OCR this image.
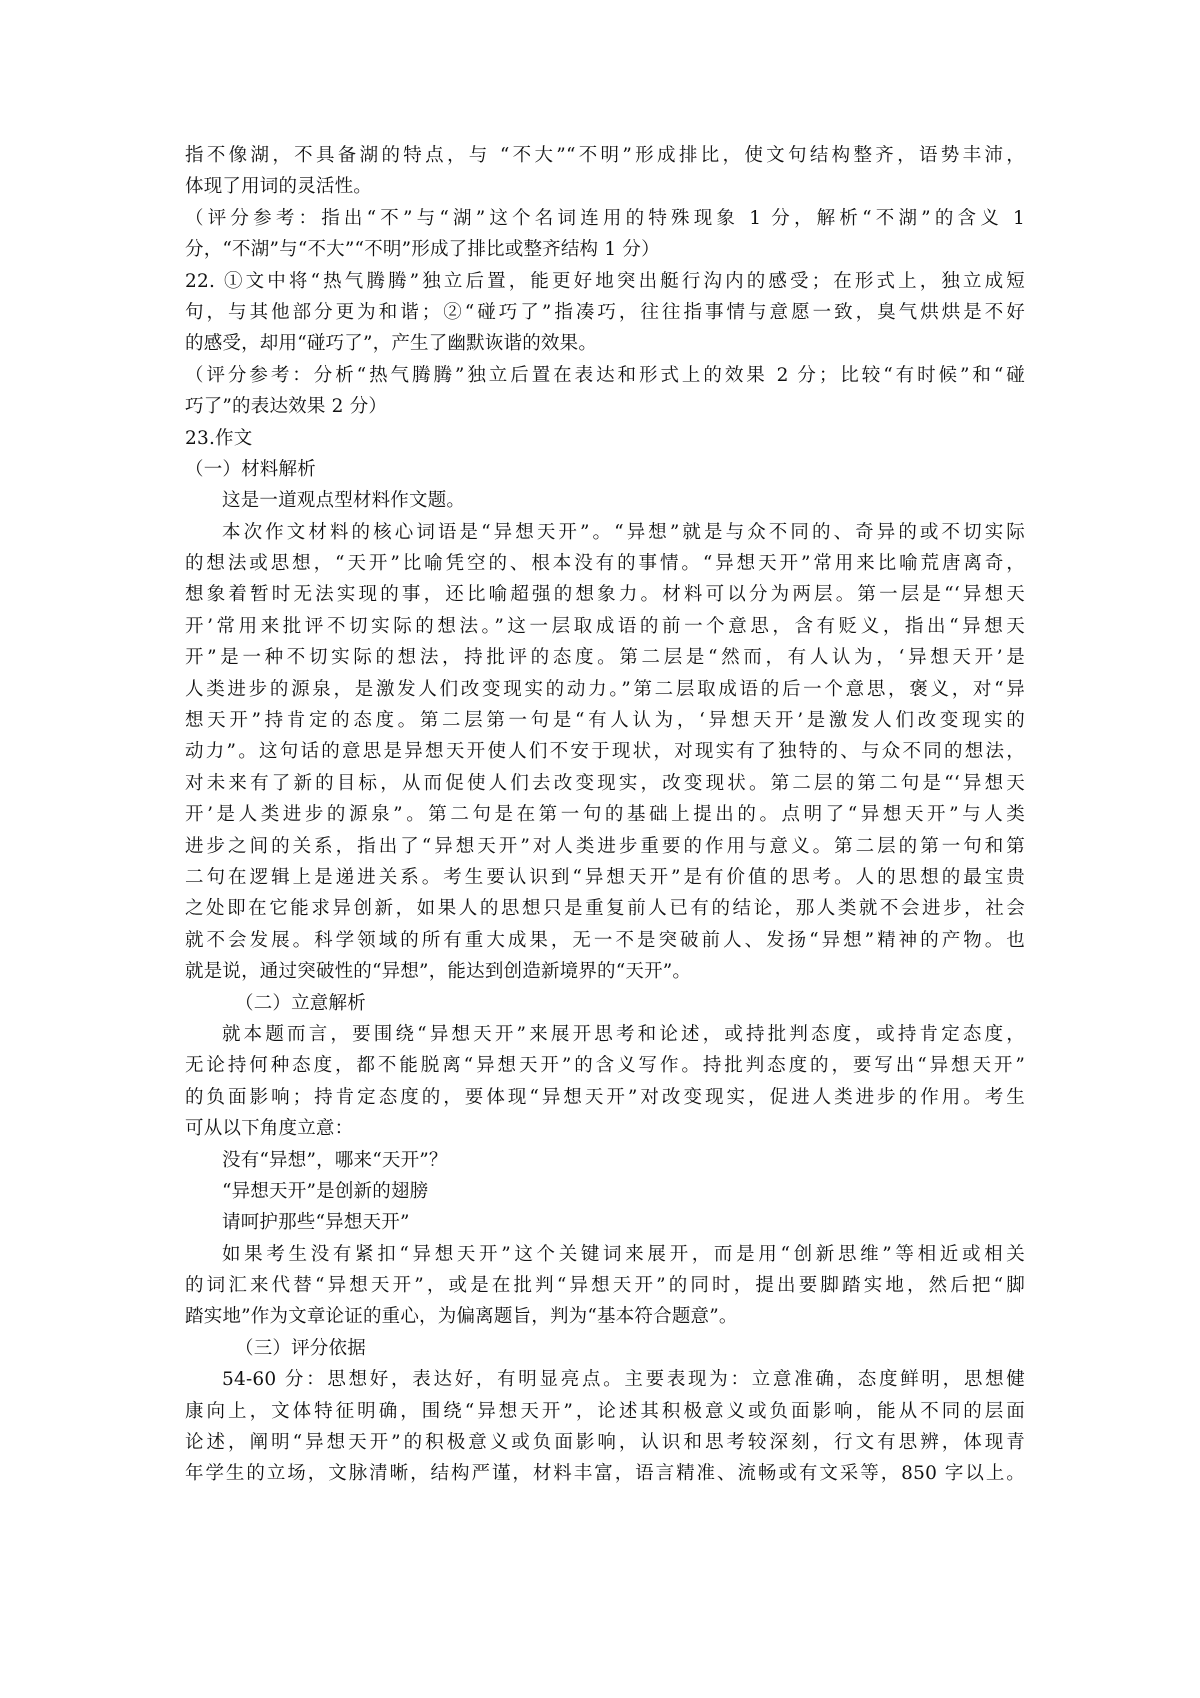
指不像湖，不具备湖的特点，与 “不大”“不明”形成排比，使文句结构整齐，语势丰沛，
体现了用词的灵活性。
（评分参考：指出“不”与“湖”这个名词连用的特殊现象 1 分，解析“不湖”的含义 1
分，“不湖”与“不大”“不明”形成了排比或整齐结构 1 分）
22. ①文中将“热气腾腾”独立后置，能更好地突出艇行沟内的感受；在形式上，独立成短
句，与其他部分更为和谐；②“碰巧了”指凑巧，往往指事情与意愿一致，臭气烘烘是不好
的感受，却用“碰巧了”，产生了幽默诙谐的效果。
（评分参考：分析“热气腾腾”独立后置在表达和形式上的效果 2 分；比较“有时候”和“碰
巧了”的表达效果 2 分）
23.作文
（一）材料解析
这是一道观点型材料作文题。
本次作文材料的核心词语是“异想天开”。“异想”就是与众不同的、奇异的或不切实际
的想法或思想，“天开”比喻凭空的、根本没有的事情。“异想天开”常用来比喻荒唐离奇，
想象着暂时无法实现的事，还比喻超强的想象力。材料可以分为两层。第一层是“‘异想天
开’常用来批评不切实际的想法。”这一层取成语的前一个意思，含有贬义，指出“异想天
开”是一种不切实际的想法，持批评的态度。第二层是“然而，有人认为，‘异想天开’是
人类进步的源泉，是激发人们改变现实的动力。”第二层取成语的后一个意思，褒义，对“异
想天开”持肯定的态度。第二层第一句是“有人认为，‘异想天开’是激发人们改变现实的
动力”。这句话的意思是异想天开使人们不安于现状，对现实有了独特的、与众不同的想法，
对未来有了新的目标，从而促使人们去改变现实，改变现状。第二层的第二句是“‘异想天
开’是人类进步的源泉”。第二句是在第一句的基础上提出的。点明了“异想天开”与人类
进步之间的关系，指出了“异想天开”对人类进步重要的作用与意义。第二层的第一句和第
二句在逻辑上是递进关系。考生要认识到“异想天开”是有价值的思考。人的思想的最宝贵
之处即在它能求异创新，如果人的思想只是重复前人已有的结论，那人类就不会进步，社会
就不会发展。科学领域的所有重大成果，无一不是突破前人、发扬“异想”精神的产物。也
就是说，通过突破性的“异想”，能达到创造新境界的“天开”。
（二）立意解析
就本题而言，要围绕“异想天开”来展开思考和论述，或持批判态度，或持肯定态度，
无论持何种态度，都不能脱离“异想天开”的含义写作。持批判态度的，要写出“异想天开”
的负面影响；持肯定态度的，要体现“异想天开”对改变现实，促进人类进步的作用。考生
可从以下角度立意：
没有“异想”，哪来“天开”？
“异想天开”是创新的翅膀
请呵护那些“异想天开”
如果考生没有紧扣“异想天开”这个关键词来展开，而是用“创新思维”等相近或相关
的词汇来代替“异想天开”，或是在批判“异想天开”的同时，提出要脚踏实地，然后把“脚
踏实地”作为文章论证的重心，为偏离题旨，判为“基本符合题意”。
（三）评分依据
54-60 分：思想好，表达好，有明显亮点。主要表现为：立意准确，态度鲜明，思想健
康向上，文体特征明确，围绕“异想天开”，论述其积极意义或负面影响，能从不同的层面
论述，阐明“异想天开”的积极意义或负面影响，认识和思考较深刻，行文有思辨，体现青
年学生的立场，文脉清晰，结构严谨，材料丰富，语言精准、流畅或有文采等，850 字以上。
